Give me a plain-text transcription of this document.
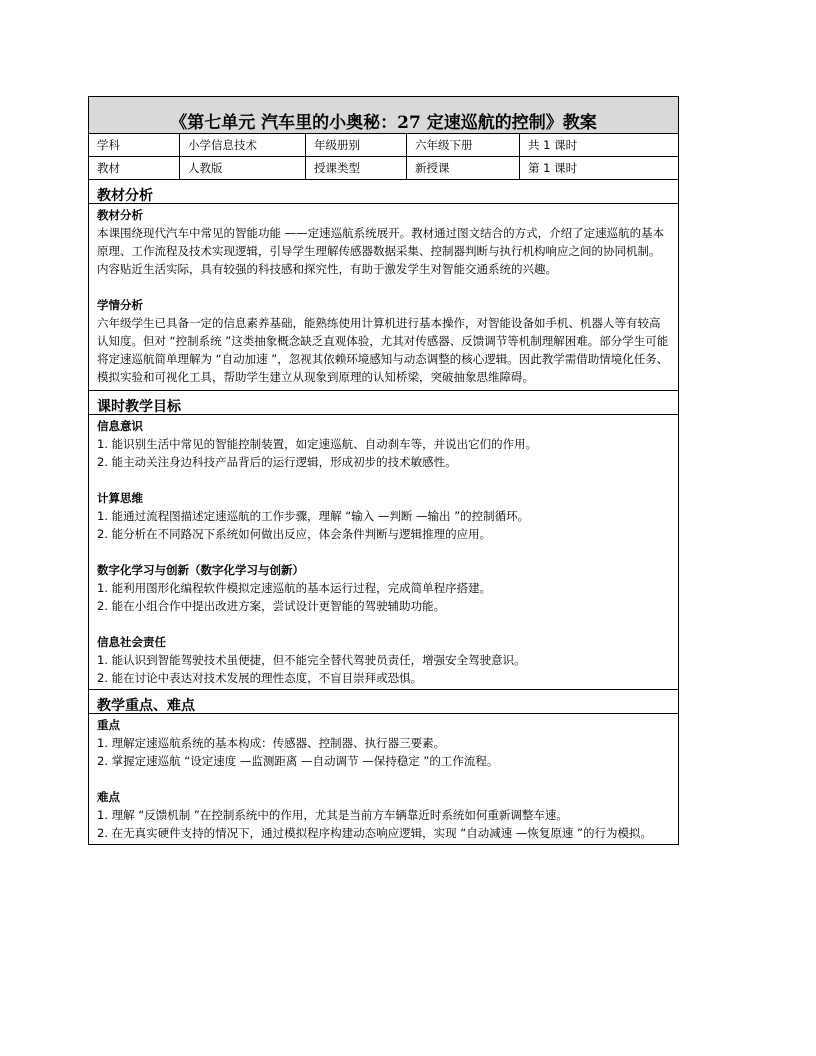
《第七单元 汽车里的小奥秘：27 定速巡航的控制》教案
学科	小学信息技术	年级册别	六年级下册	共 1 课时
教材	人教版	授课类型	新授课	第 1 课时
教材分析
教材分析
本课围绕现代汽车中常见的智能功能 ——定速巡航系统展开。教材通过图文结合的方式，介绍了定速巡航的基本原理、工作流程及技术实现逻辑，引导学生理解传感器数据采集、控制器判断与执行机构响应之间的协同机制。内容贴近生活实际，具有较强的科技感和探究性，有助于激发学生对智能交通系统的兴趣。
学情分析
六年级学生已具备一定的信息素养基础，能熟练使用计算机进行基本操作，对智能设备如手机、机器人等有较高认知度。但对 “控制系统 ”这类抽象概念缺乏直观体验，尤其对传感器、反馈调节等机制理解困难。部分学生可能将定速巡航简单理解为 “自动加速 ”，忽视其依赖环境感知与动态调整的核心逻辑。因此教学需借助情境化任务、模拟实验和可视化工具，帮助学生建立从现象到原理的认知桥梁，突破抽象思维障碍。
课时教学目标
信息意识
1. 能识别生活中常见的智能控制装置，如定速巡航、自动刹车等，并说出它们的作用。
2. 能主动关注身边科技产品背后的运行逻辑，形成初步的技术敏感性。
计算思维
1. 能通过流程图描述定速巡航的工作步骤，理解 “输入 —判断 —输出 ”的控制循环。
2. 能分析在不同路况下系统如何做出反应，体会条件判断与逻辑推理的应用。
数字化学习与创新（数字化学习与创新）
1. 能利用图形化编程软件模拟定速巡航的基本运行过程，完成简单程序搭建。
2. 能在小组合作中提出改进方案，尝试设计更智能的驾驶辅助功能。
信息社会责任
1. 能认识到智能驾驶技术虽便捷，但不能完全替代驾驶员责任，增强安全驾驶意识。
2. 能在讨论中表达对技术发展的理性态度，不盲目崇拜或恐惧。
教学重点、难点
重点
1. 理解定速巡航系统的基本构成：传感器、控制器、执行器三要素。
2. 掌握定速巡航 “设定速度 —监测距离 —自动调节 —保持稳定 ”的工作流程。
难点
1. 理解 “反馈机制 ”在控制系统中的作用，尤其是当前方车辆靠近时系统如何重新调整车速。
2. 在无真实硬件支持的情况下，通过模拟程序构建动态响应逻辑，实现 “自动减速 —恢复原速 ”的行为模拟。
